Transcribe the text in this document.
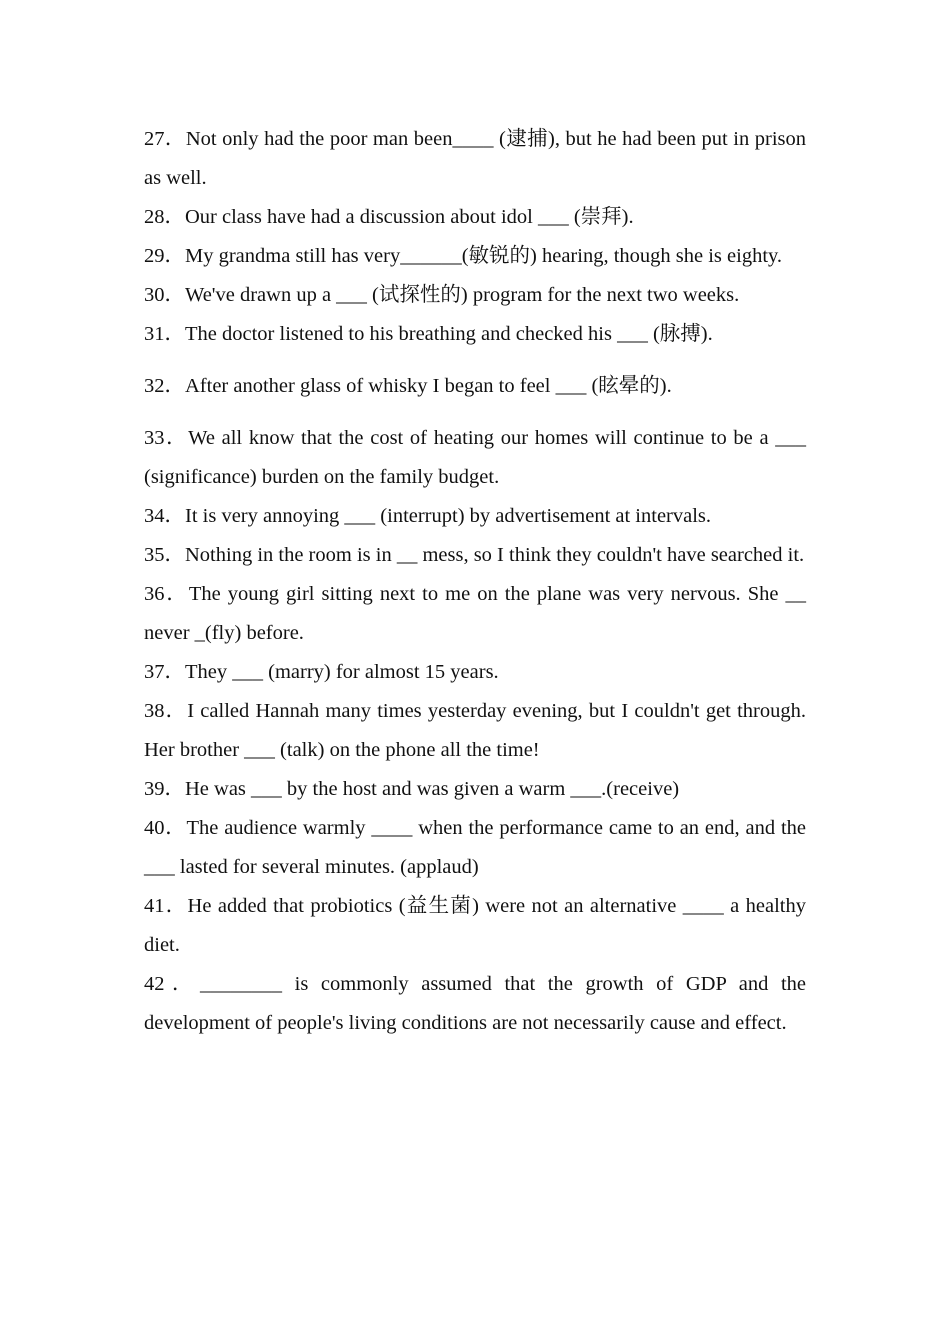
27．Not only had the poor man been____ (逮捕), but he had been put in prison as well.

28．Our class have had a discussion about idol ___ (崇拜).

29．My grandma still has very______(敏锐的) hearing, though she is eighty.

30．We've drawn up a ___ (试探性的) program for the next two weeks.

31．The doctor listened to his breathing and checked his ___ (脉搏).

32．After another glass of whisky I began to feel ___ (眩晕的).

33．We all know that the cost of heating our homes will continue to be a ___ (significance) burden on the family budget.

34．It is very annoying ___ (interrupt) by advertisement at intervals.

35．Nothing in the room is in __ mess, so I think they couldn't have searched it.

36．The young girl sitting next to me on the plane was very nervous. She __ never _(fly) before.

37．They ___ (marry) for almost 15 years.

38．I called Hannah many times yesterday evening, but I couldn't get through. Her brother ___ (talk) on the phone all the time!

39．He was ___ by the host and was given a warm ___.(receive)

40．The audience warmly ____ when the performance came to an end, and the ___ lasted for several minutes. (applaud)

41．He added that probiotics (益生菌) were not an alternative ____ a healthy diet.

42．________ is commonly assumed that the growth of GDP and the development of people's living conditions are not necessarily cause and effect.
